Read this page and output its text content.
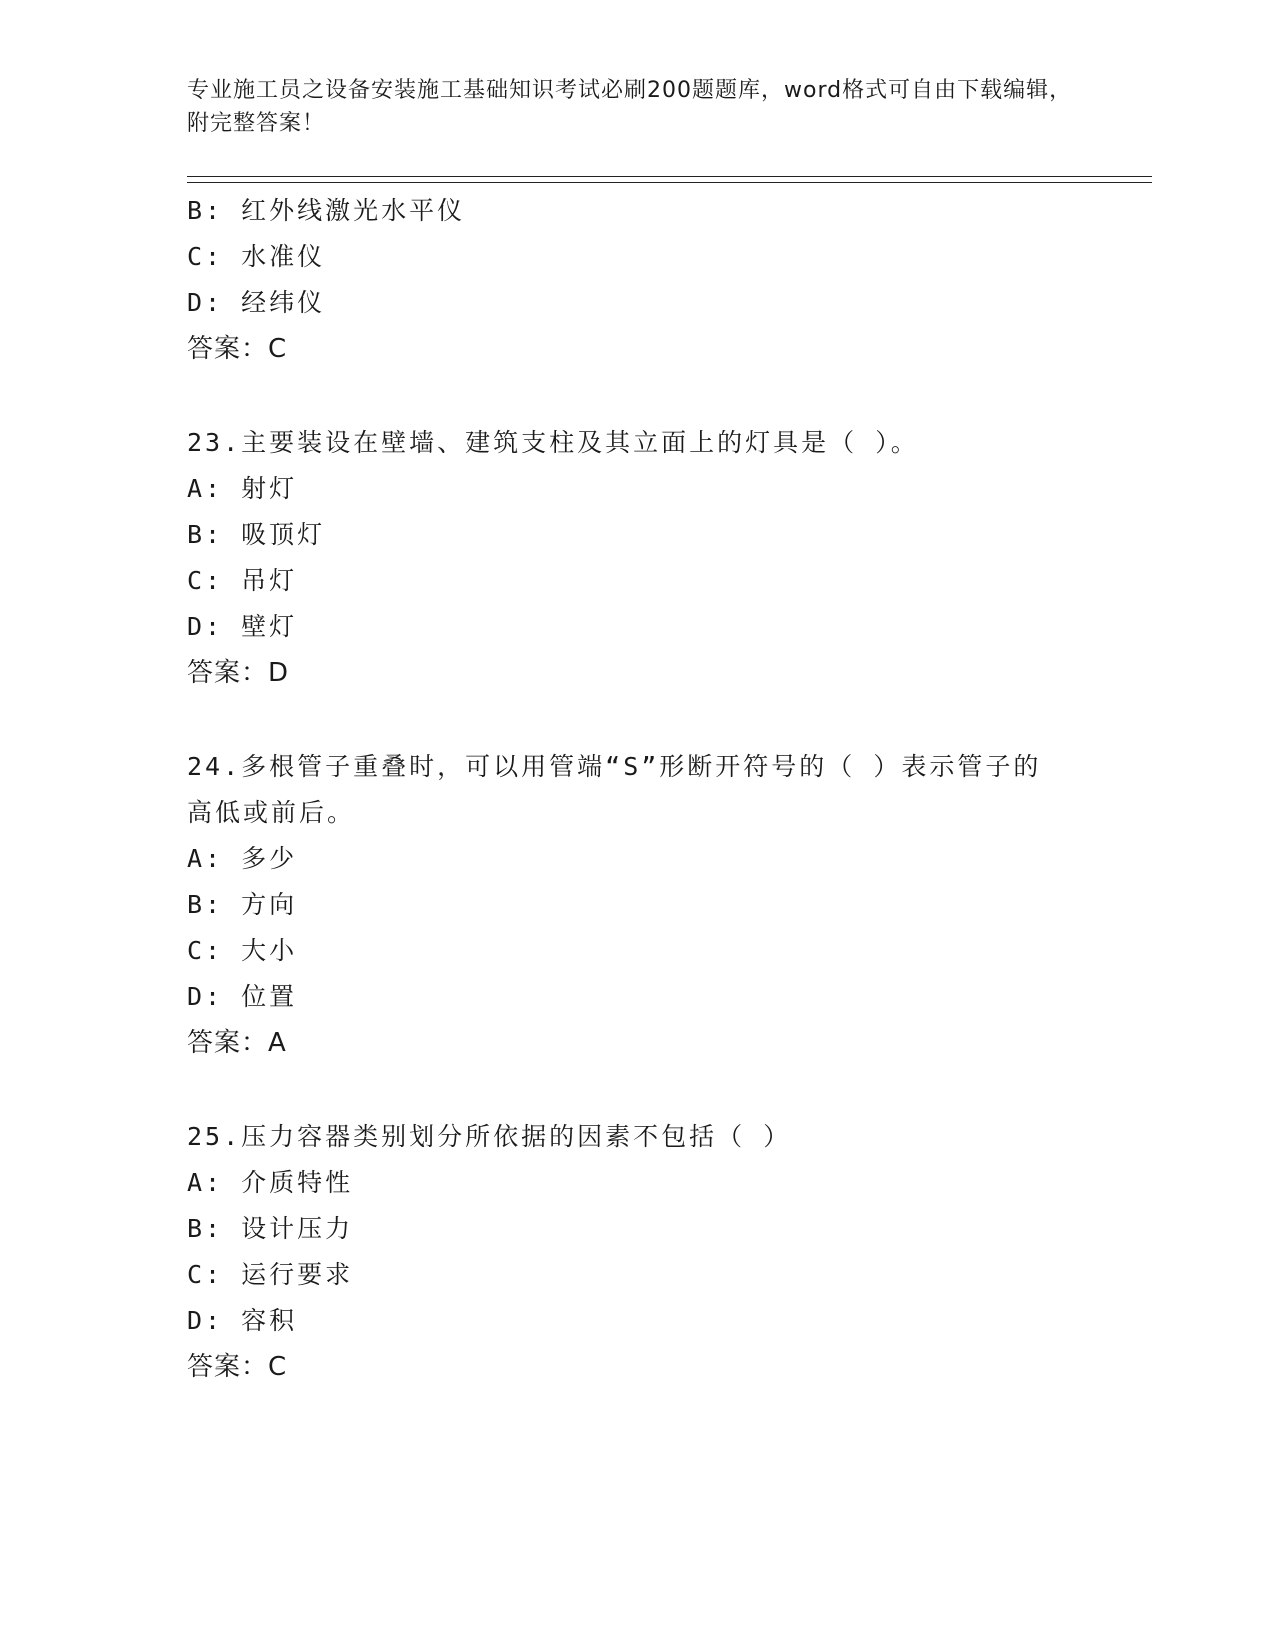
专业施工员之设备安装施工基础知识考试必刷200题题库，word格式可自由下载编辑，附完整答案！
B: 红外线激光水平仪
C: 水准仪
D: 经纬仪
答案：C
23.主要装设在壁墙、建筑支柱及其立面上的灯具是（ ）。
A: 射灯
B: 吸顶灯
C: 吊灯
D: 壁灯
答案：D
24.多根管子重叠时，可以用管端“S”形断开符号的（ ）表示管子的高低或前后。
A: 多少
B: 方向
C: 大小
D: 位置
答案：A
25.压力容器类别划分所依据的因素不包括（ ）
A: 介质特性
B: 设计压力
C: 运行要求
D: 容积
答案：C
